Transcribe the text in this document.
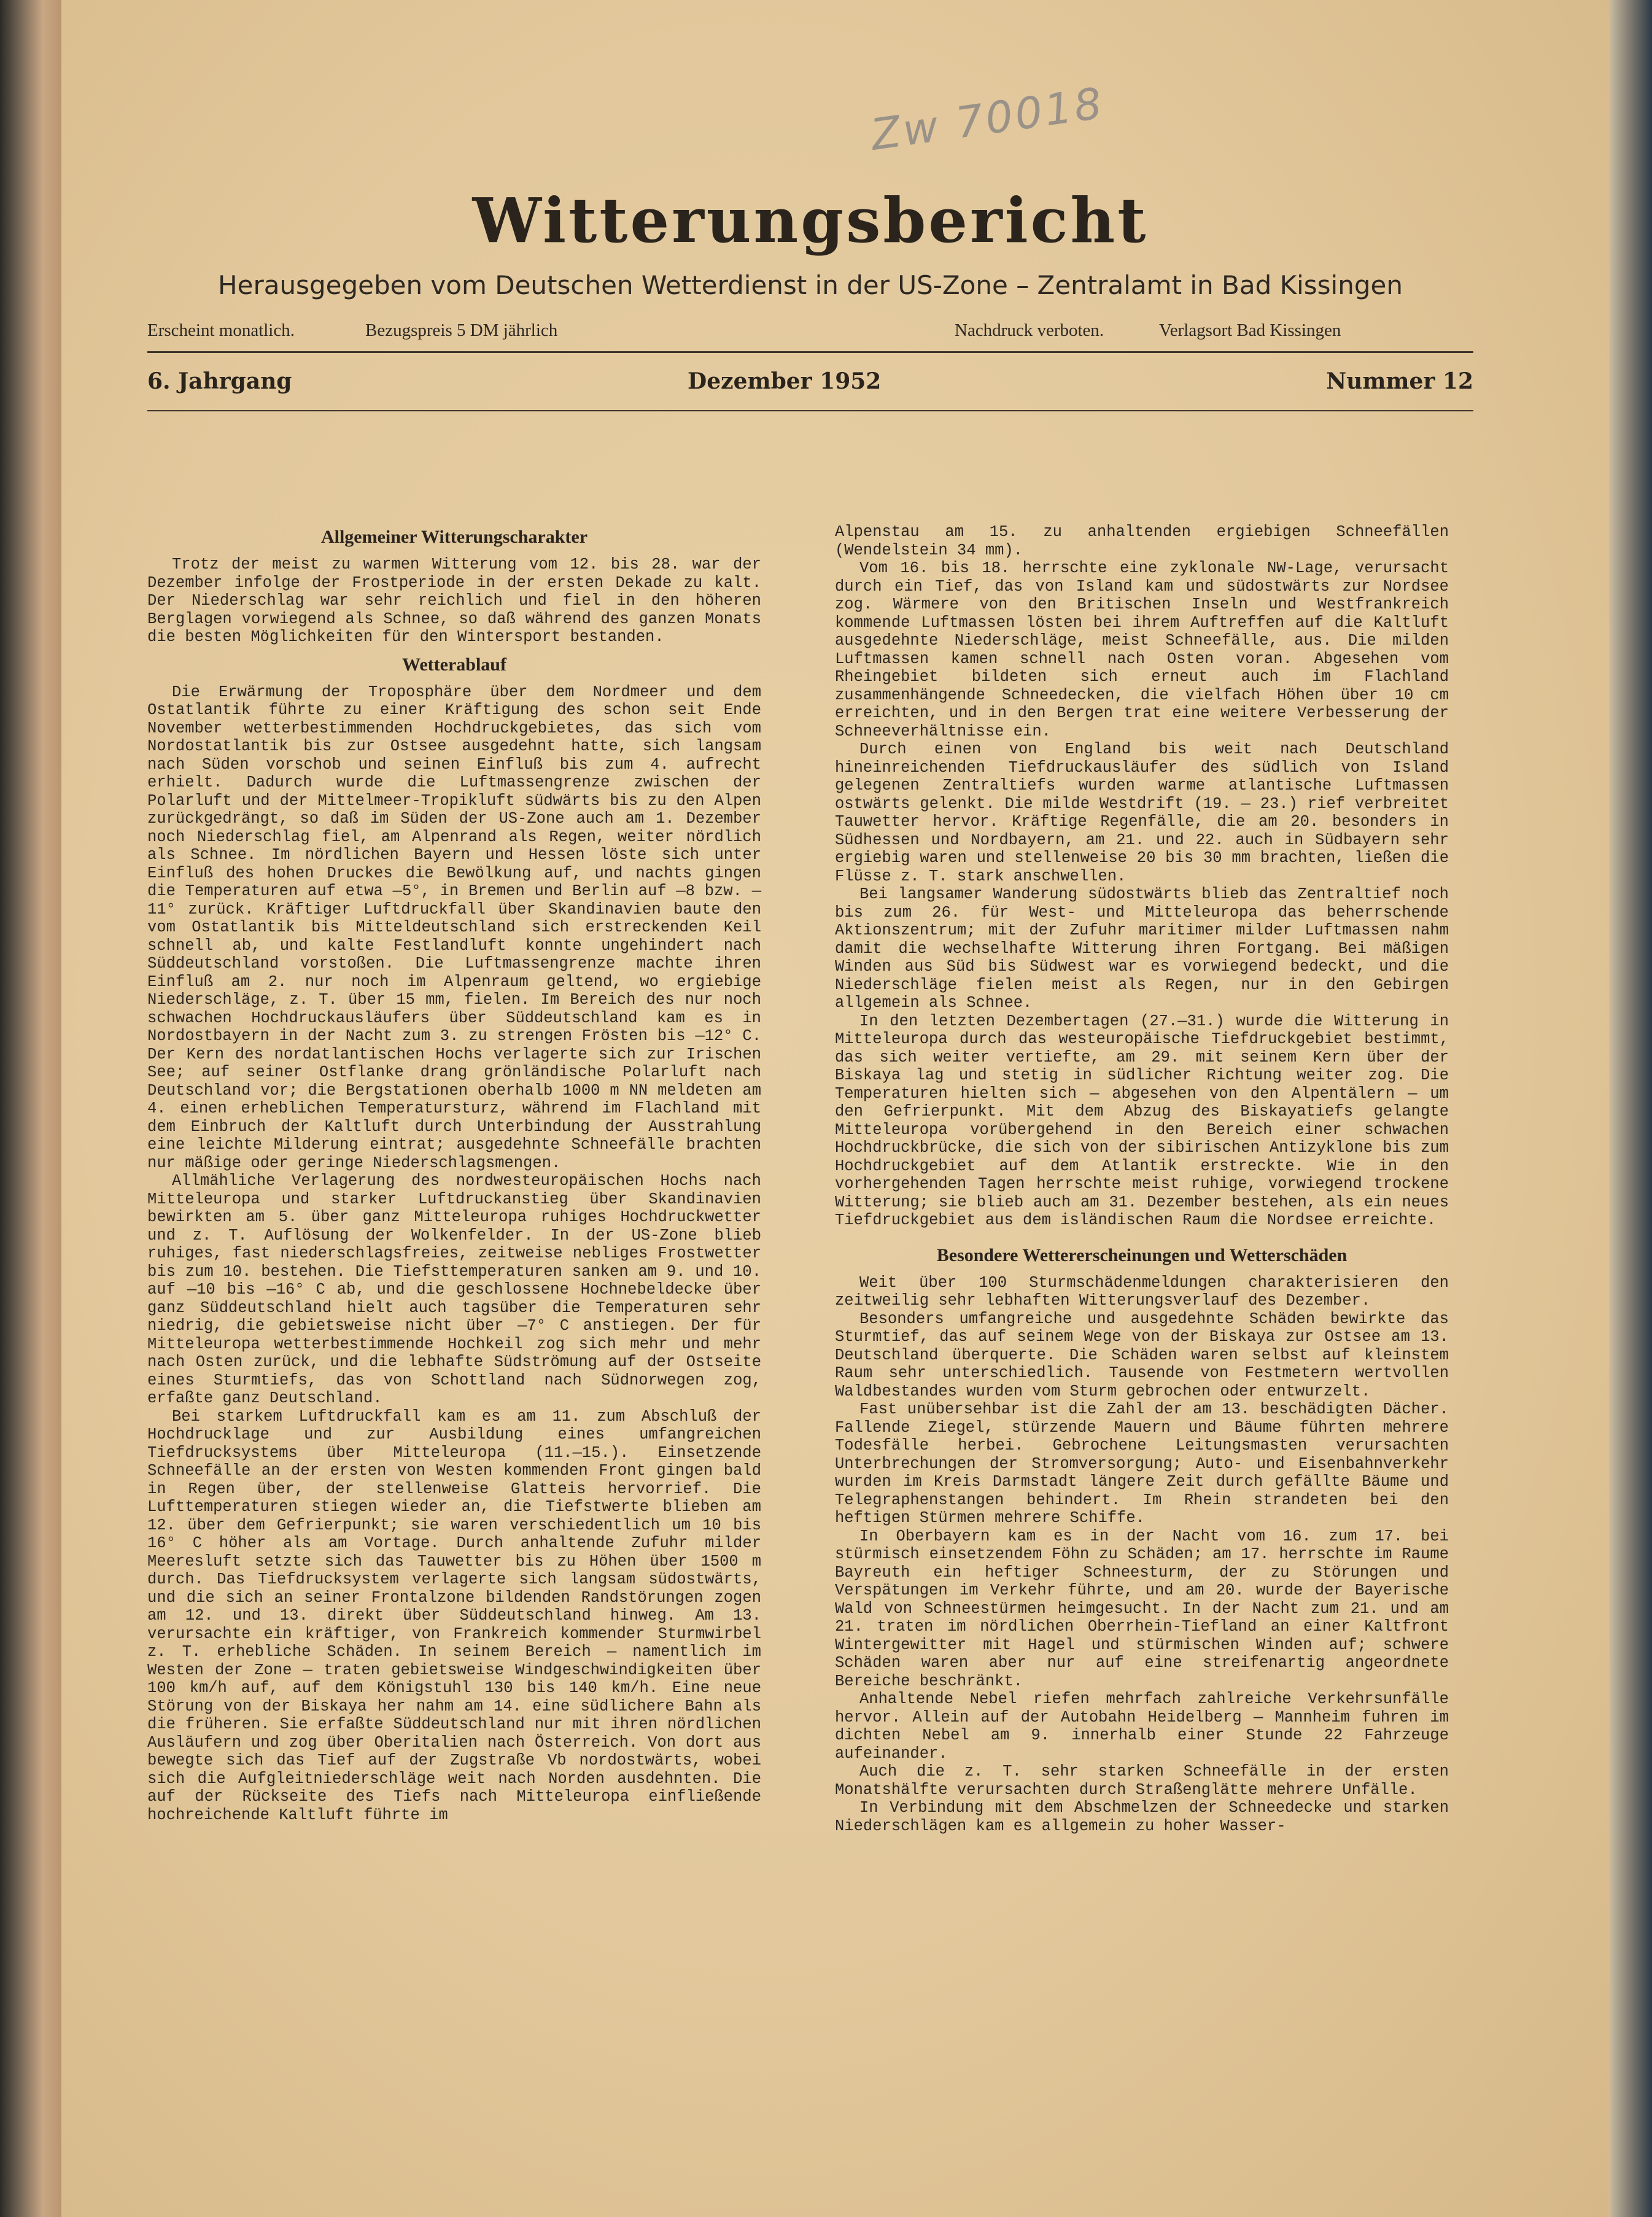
Zw 70018
Witterungsbericht
Herausgegeben vom Deutschen Wetterdienst in der US-Zone – Zentralamt in Bad Kissingen
Erscheint monatlich.	Bezugspreis 5 DM jährlich	Nachdruck verboten.	Verlagsort Bad Kissingen
6. Jahrgang	Dezember 1952	Nummer 12
Allgemeiner Witterungscharakter

Trotz der meist zu warmen Witterung vom 12. bis 28. war der Dezember infolge der Frostperiode in der ersten Dekade zu kalt. Der Niederschlag war sehr reichlich und fiel in den höheren Berglagen vorwiegend als Schnee, so daß während des ganzen Monats die besten Möglichkeiten für den Wintersport bestanden.

Wetterablauf

Die Erwärmung der Troposphäre über dem Nordmeer und dem Ostatlantik führte zu einer Kräftigung des schon seit Ende November wetterbestimmenden Hochdruckgebietes, das sich vom Nordostatlantik bis zur Ostsee ausgedehnt hatte, sich langsam nach Süden vorschob und seinen Einfluß bis zum 4. aufrecht erhielt. Dadurch wurde die Luftmassengrenze zwischen der Polarluft und der Mittelmeer-Tropikluft südwärts bis zu den Alpen zurückgedrängt, so daß im Süden der US-Zone auch am 1. Dezember noch Niederschlag fiel, am Alpenrand als Regen, weiter nördlich als Schnee. Im nördlichen Bayern und Hessen löste sich unter Einfluß des hohen Druckes die Bewölkung auf, und nachts gingen die Temperaturen auf etwa —5°, in Bremen und Berlin auf —8 bzw. —11° zurück. Kräftiger Luftdruckfall über Skandinavien baute den vom Ostatlantik bis Mitteldeutschland sich erstreckenden Keil schnell ab, und kalte Festlandluft konnte ungehindert nach Süddeutschland vorstoßen. Die Luftmassengrenze machte ihren Einfluß am 2. nur noch im Alpenraum geltend, wo ergiebige Niederschläge, z. T. über 15 mm, fielen. Im Bereich des nur noch schwachen Hochdruckausläufers über Süddeutschland kam es in Nordostbayern in der Nacht zum 3. zu strengen Frösten bis —12° C. Der Kern des nordatlantischen Hochs verlagerte sich zur Irischen See; auf seiner Ostflanke drang grönländische Polarluft nach Deutschland vor; die Bergstationen oberhalb 1000 m NN meldeten am 4. einen erheblichen Temperatursturz, während im Flachland mit dem Einbruch der Kaltluft durch Unterbindung der Ausstrahlung eine leichte Milderung eintrat; ausgedehnte Schneefälle brachten nur mäßige oder geringe Niederschlagsmengen.

Allmähliche Verlagerung des nordwesteuropäischen Hochs nach Mitteleuropa und starker Luftdruckanstieg über Skandinavien bewirkten am 5. über ganz Mitteleuropa ruhiges Hochdruckwetter und z. T. Auflösung der Wolkenfelder. In der US-Zone blieb ruhiges, fast niederschlagsfreies, zeitweise nebliges Frostwetter bis zum 10. bestehen. Die Tiefsttemperaturen sanken am 9. und 10. auf —10 bis —16° C ab, und die geschlossene Hochnebeldecke über ganz Süddeutschland hielt auch tagsüber die Temperaturen sehr niedrig, die gebietsweise nicht über —7° C anstiegen. Der für Mitteleuropa wetterbestimmende Hochkeil zog sich mehr und mehr nach Osten zurück, und die lebhafte Südströmung auf der Ostseite eines Sturmtiefs, das von Schottland nach Südnorwegen zog, erfaßte ganz Deutschland.

Bei starkem Luftdruckfall kam es am 11. zum Abschluß der Hochdrucklage und zur Ausbildung eines umfangreichen Tiefdrucksystems über Mitteleuropa (11.—15.). Einsetzende Schneefälle an der ersten von Westen kommenden Front gingen bald in Regen über, der stellenweise Glatteis hervorrief. Die Lufttemperaturen stiegen wieder an, die Tiefstwerte blieben am 12. über dem Gefrierpunkt; sie waren verschiedentlich um 10 bis 16° C höher als am Vortage. Durch anhaltende Zufuhr milder Meeresluft setzte sich das Tauwetter bis zu Höhen über 1500 m durch. Das Tiefdrucksystem verlagerte sich langsam südostwärts, und die sich an seiner Frontalzone bildenden Randstörungen zogen am 12. und 13. direkt über Süddeutschland hinweg. Am 13. verursachte ein kräftiger, von Frankreich kommender Sturmwirbel z. T. erhebliche Schäden. In seinem Bereich — namentlich im Westen der Zone — traten gebietsweise Windgeschwindigkeiten über 100 km/h auf, auf dem Königstuhl 130 bis 140 km/h. Eine neue Störung von der Biskaya her nahm am 14. eine südlichere Bahn als die früheren. Sie erfaßte Süddeutschland nur mit ihren nördlichen Ausläufern und zog über Oberitalien nach Österreich. Von dort aus bewegte sich das Tief auf der Zugstraße Vb nordostwärts, wobei sich die Aufgleitniederschläge weit nach Norden ausdehnten. Die auf der Rückseite des Tiefs nach Mitteleuropa einfließende hochreichende Kaltluft führte im

Alpenstau am 15. zu anhaltenden ergiebigen Schneefällen (Wendelstein 34 mm).

Vom 16. bis 18. herrschte eine zyklonale NW-Lage, verursacht durch ein Tief, das von Island kam und südostwärts zur Nordsee zog. Wärmere von den Britischen Inseln und Westfrankreich kommende Luftmassen lösten bei ihrem Auftreffen auf die Kaltluft ausgedehnte Niederschläge, meist Schneefälle, aus. Die milden Luftmassen kamen schnell nach Osten voran. Abgesehen vom Rheingebiet bildeten sich erneut auch im Flachland zusammenhängende Schneedecken, die vielfach Höhen über 10 cm erreichten, und in den Bergen trat eine weitere Verbesserung der Schneeverhältnisse ein.

Durch einen von England bis weit nach Deutschland hineinreichenden Tiefdruckausläufer des südlich von Island gelegenen Zentraltiefs wurden warme atlantische Luftmassen ostwärts gelenkt. Die milde Westdrift (19. — 23.) rief verbreitet Tauwetter hervor. Kräftige Regenfälle, die am 20. besonders in Südhessen und Nordbayern, am 21. und 22. auch in Südbayern sehr ergiebig waren und stellenweise 20 bis 30 mm brachten, ließen die Flüsse z. T. stark anschwellen.

Bei langsamer Wanderung südostwärts blieb das Zentraltief noch bis zum 26. für West- und Mitteleuropa das beherrschende Aktionszentrum; mit der Zufuhr maritimer milder Luftmassen nahm damit die wechselhafte Witterung ihren Fortgang. Bei mäßigen Winden aus Süd bis Südwest war es vorwiegend bedeckt, und die Niederschläge fielen meist als Regen, nur in den Gebirgen allgemein als Schnee.

In den letzten Dezembertagen (27.—31.) wurde die Witterung in Mitteleuropa durch das westeuropäische Tiefdruckgebiet bestimmt, das sich weiter vertiefte, am 29. mit seinem Kern über der Biskaya lag und stetig in südlicher Richtung weiter zog. Die Temperaturen hielten sich — abgesehen von den Alpentälern — um den Gefrierpunkt. Mit dem Abzug des Biskayatiefs gelangte Mitteleuropa vorübergehend in den Bereich einer schwachen Hochdruckbrücke, die sich von der sibirischen Antizyklone bis zum Hochdruckgebiet auf dem Atlantik erstreckte. Wie in den vorhergehenden Tagen herrschte meist ruhige, vorwiegend trockene Witterung; sie blieb auch am 31. Dezember bestehen, als ein neues Tiefdruckgebiet aus dem isländischen Raum die Nordsee erreichte.

Besondere Wettererscheinungen und Wetterschäden

Weit über 100 Sturmschädenmeldungen charakterisieren den zeitweilig sehr lebhaften Witterungsverlauf des Dezember.

Besonders umfangreiche und ausgedehnte Schäden bewirkte das Sturmtief, das auf seinem Wege von der Biskaya zur Ostsee am 13. Deutschland überquerte. Die Schäden waren selbst auf kleinstem Raum sehr unterschiedlich. Tausende von Festmetern wertvollen Waldbestandes wurden vom Sturm gebrochen oder entwurzelt.

Fast unübersehbar ist die Zahl der am 13. beschädigten Dächer. Fallende Ziegel, stürzende Mauern und Bäume führten mehrere Todesfälle herbei. Gebrochene Leitungsmasten verursachten Unterbrechungen der Stromversorgung; Auto- und Eisenbahnverkehr wurden im Kreis Darmstadt längere Zeit durch gefällte Bäume und Telegraphenstangen behindert. Im Rhein strandeten bei den heftigen Stürmen mehrere Schiffe.

In Oberbayern kam es in der Nacht vom 16. zum 17. bei stürmisch einsetzendem Föhn zu Schäden; am 17. herrschte im Raume Bayreuth ein heftiger Schneesturm, der zu Störungen und Verspätungen im Verkehr führte, und am 20. wurde der Bayerische Wald von Schneestürmen heimgesucht. In der Nacht zum 21. und am 21. traten im nördlichen Oberrhein-Tiefland an einer Kaltfront Wintergewitter mit Hagel und stürmischen Winden auf; schwere Schäden waren aber nur auf eine streifenartig angeordnete Bereiche beschränkt.

Anhaltende Nebel riefen mehrfach zahlreiche Verkehrsunfälle hervor. Allein auf der Autobahn Heidelberg — Mannheim fuhren im dichten Nebel am 9. innerhalb einer Stunde 22 Fahrzeuge aufeinander.

Auch die z. T. sehr starken Schneefälle in der ersten Monatshälfte verursachten durch Straßenglätte mehrere Unfälle.

In Verbindung mit dem Abschmelzen der Schneedecke und starken Niederschlägen kam es allgemein zu hoher Wasser-
